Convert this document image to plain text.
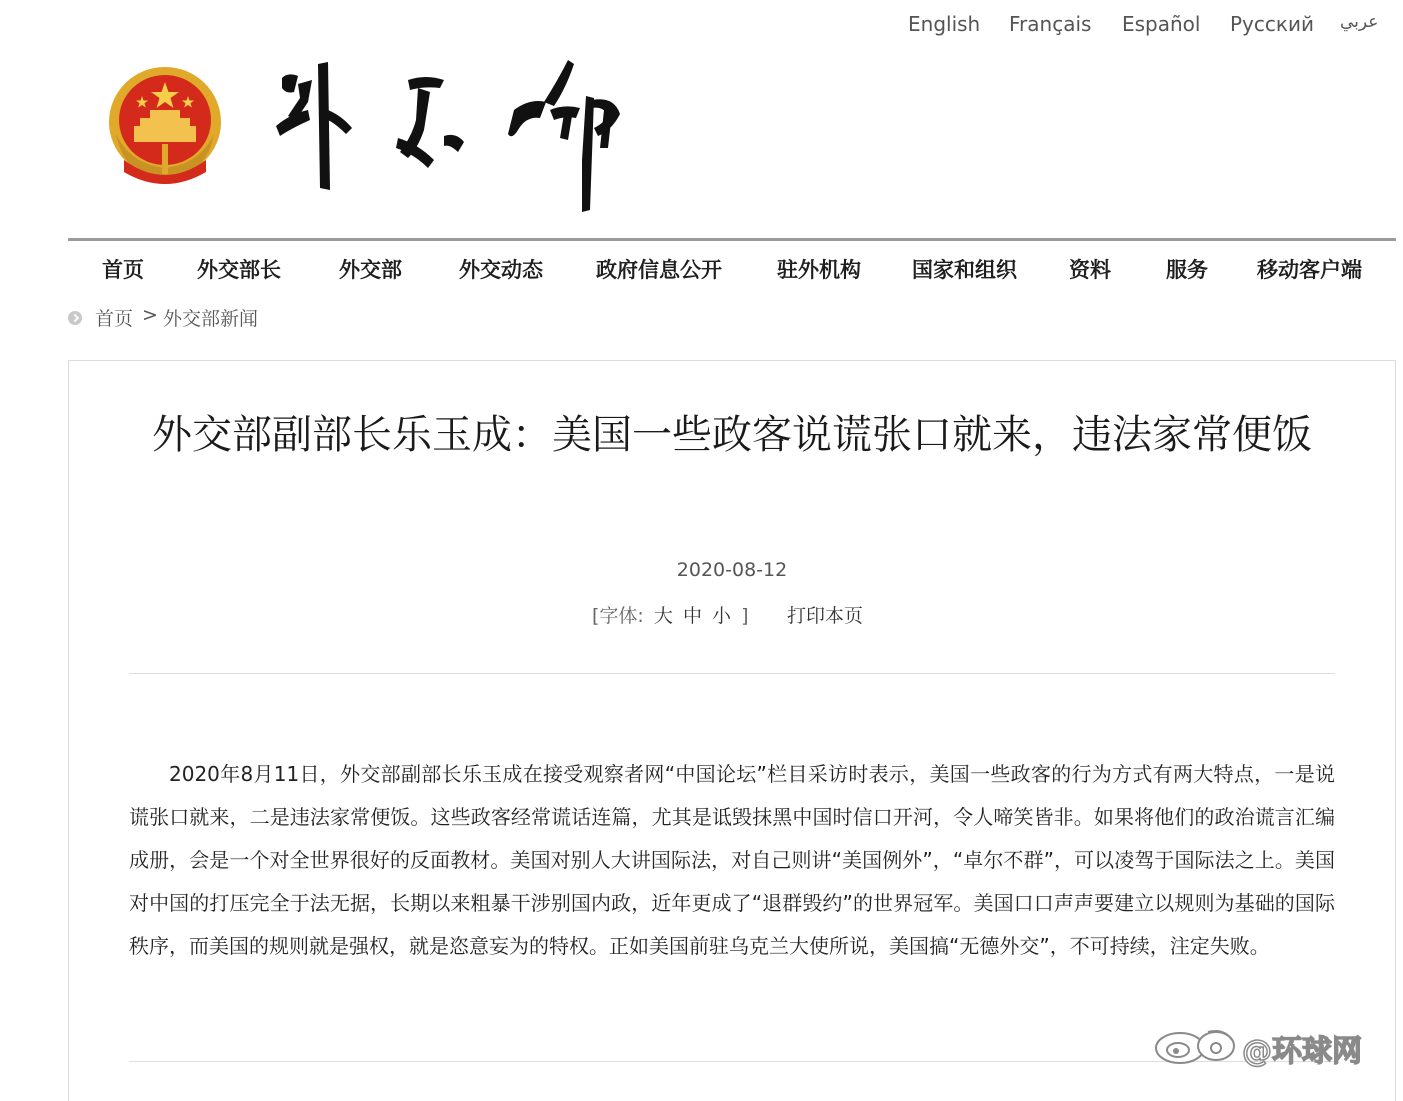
English Français Español Русский عربي
首页	外交部长	外交部	外交动态	政府信息公开	驻外机构 国家和组织 资料	服务 移动客户端
首页 > 外交部新闻
外交部副部长乐玉成：美国一些政客说谎张口就来，违法家常便饭
2020-08-12
[字体: 大 中 小 ] 打印本页

2020年8月11日，外交部副部长乐玉成在接受观察者网“中国论坛”栏目采访时表示，美国一些政客的行为方式有两大特点，一是说谎张口就来，二是违法家常便饭。这些政客经常谎话连篇，尤其是诋毁抹黑中国时信口开河，令人啼笑皆非。如果将他们的政治谎言汇编成册，会是一个对全世界很好的反面教材。美国对别人大讲国际法，对自己则讲“美国例外”，“卓尔不群”，可以凌驾于国际法之上。美国对中国的打压完全于法无据，长期以来粗暴干涉别国内政，近年更成了“退群毁约”的世界冠军。美国口口声声要建立以规则为基础的国际秩序，而美国的规则就是强权，就是恣意妄为的特权。正如美国前驻乌克兰大使所说，美国搞“无德外交”，不可持续，注定失败。

@环球网
